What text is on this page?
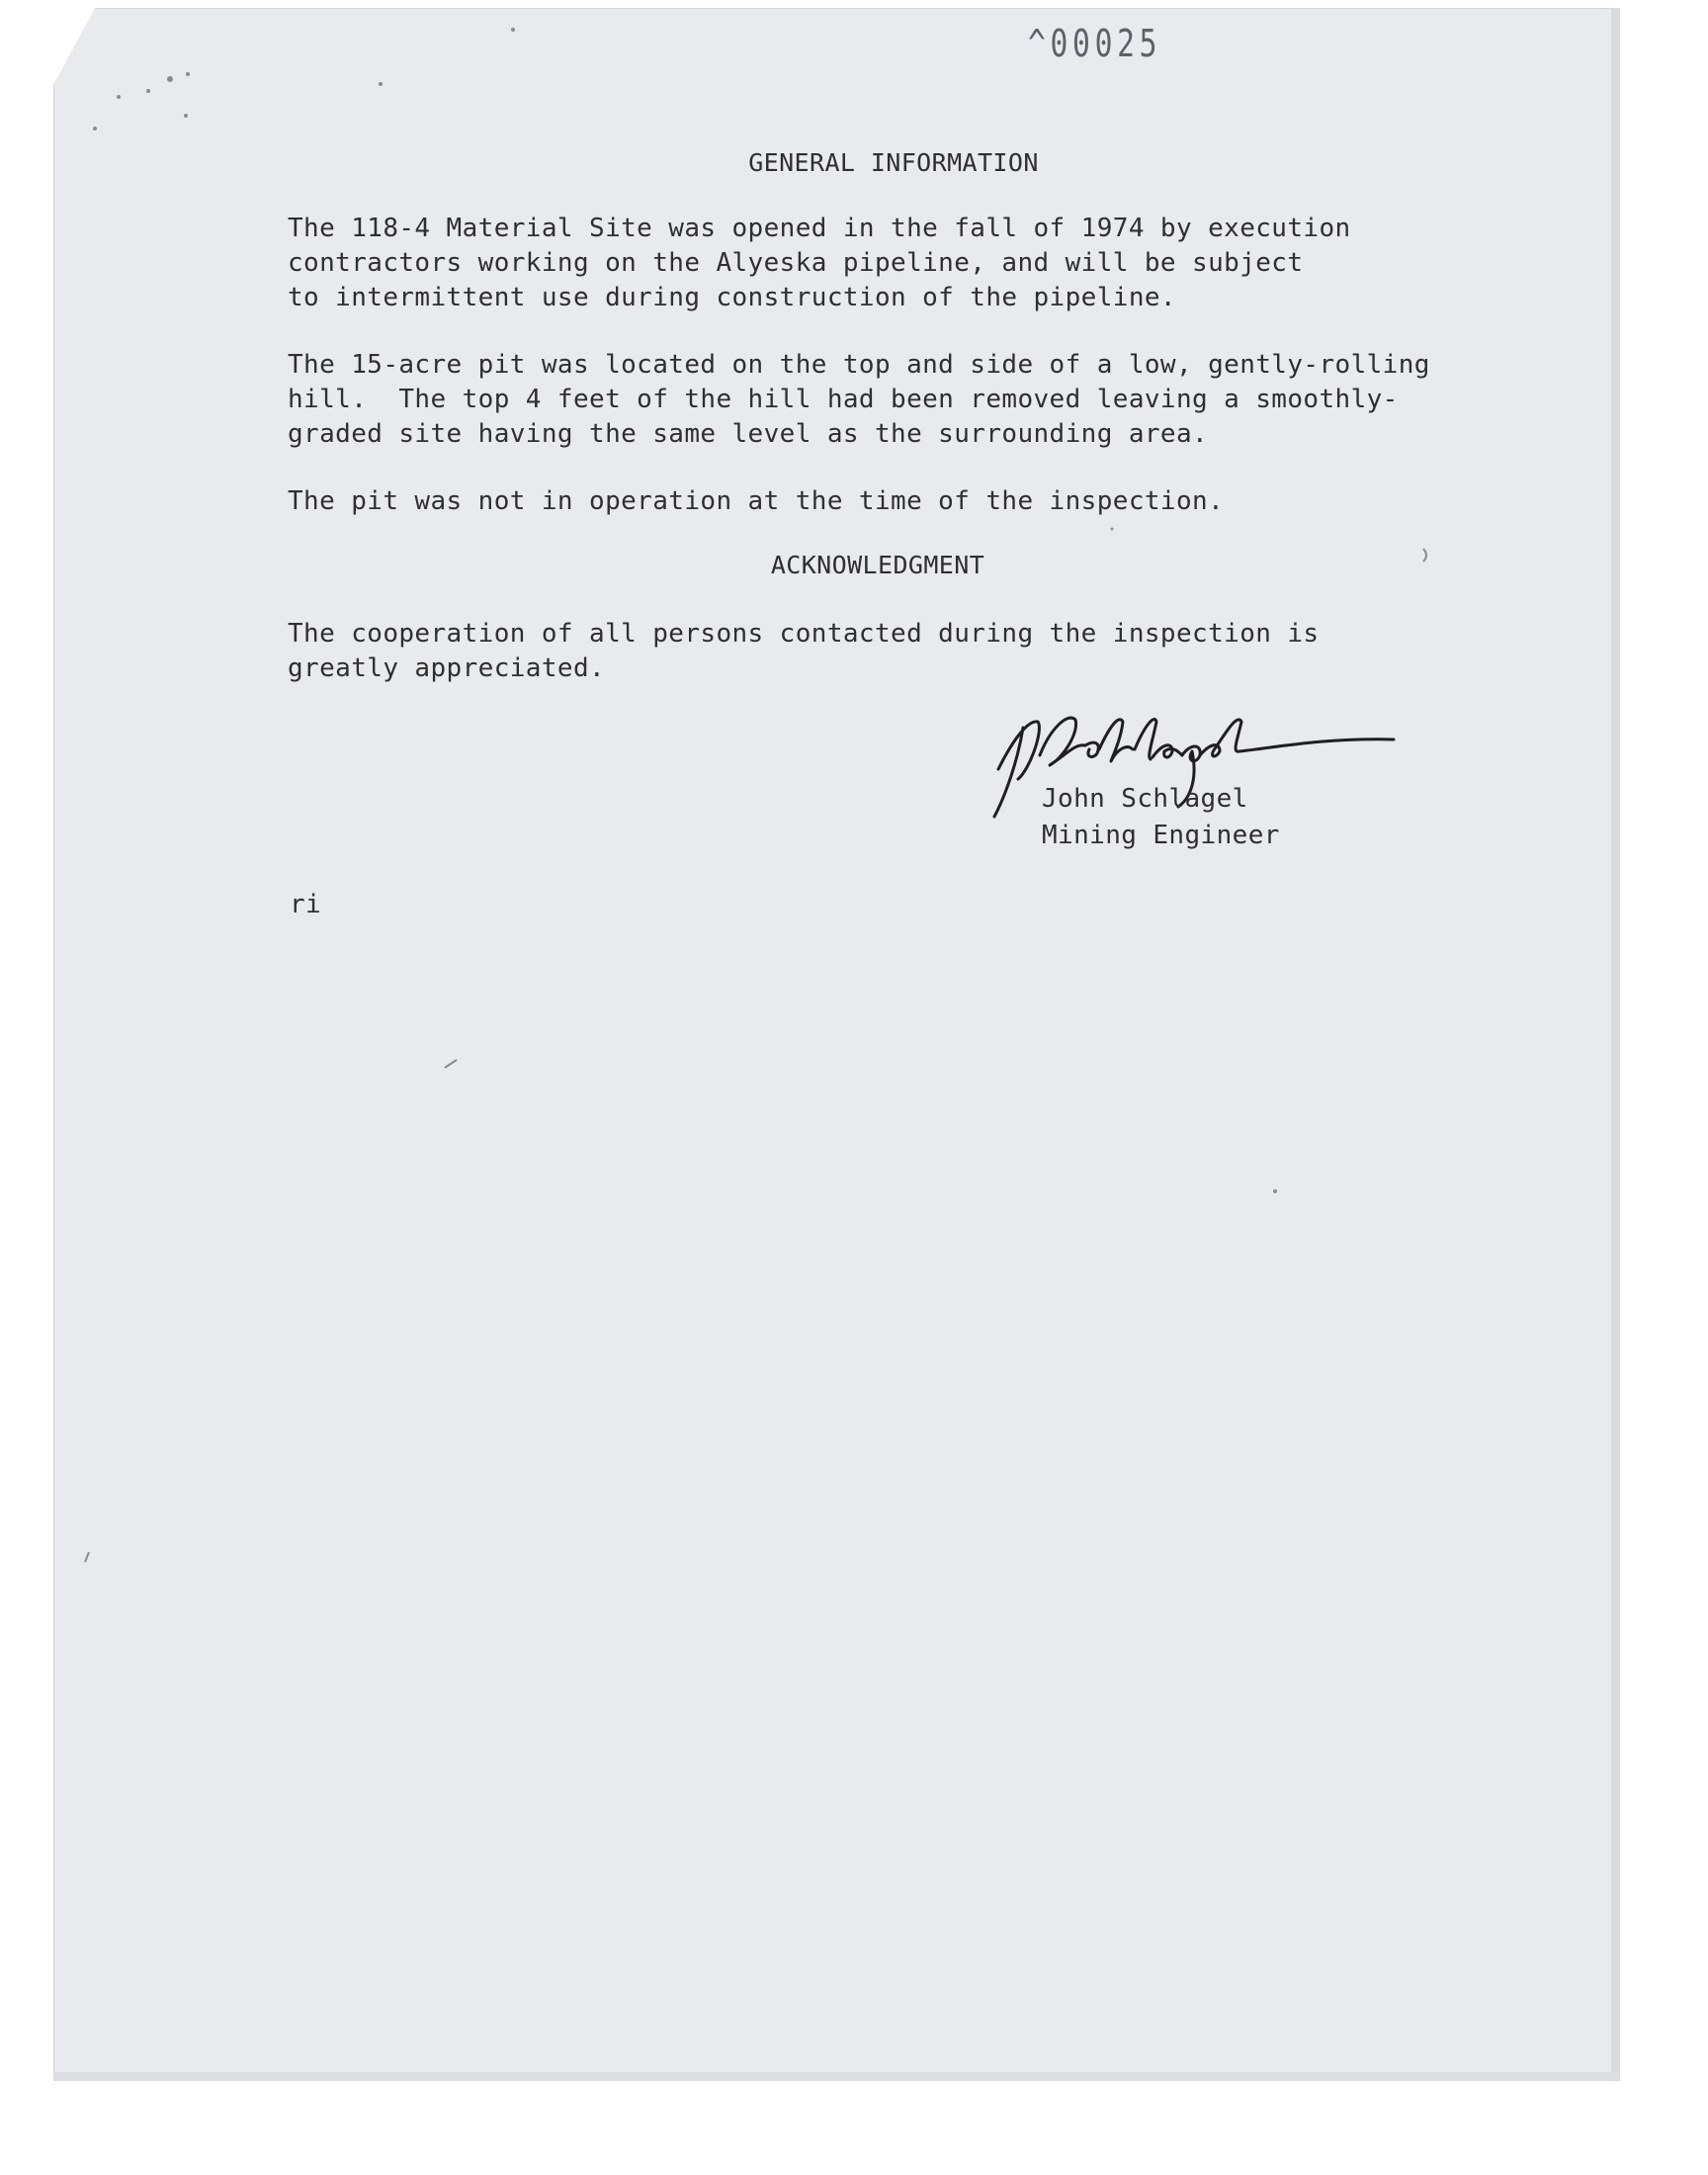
^00025
GENERAL INFORMATION
The 118-4 Material Site was opened in the fall of 1974 by execution
contractors working on the Alyeska pipeline, and will be subject
to intermittent use during construction of the pipeline.
The 15-acre pit was located on the top and side of a low, gently-rolling
hill.  The top 4 feet of the hill had been removed leaving a smoothly-
graded site having the same level as the surrounding area.
The pit was not in operation at the time of the inspection.
ACKNOWLEDGMENT
The cooperation of all persons contacted during the inspection is
greatly appreciated.
John Schlagel
Mining Engineer
ri
